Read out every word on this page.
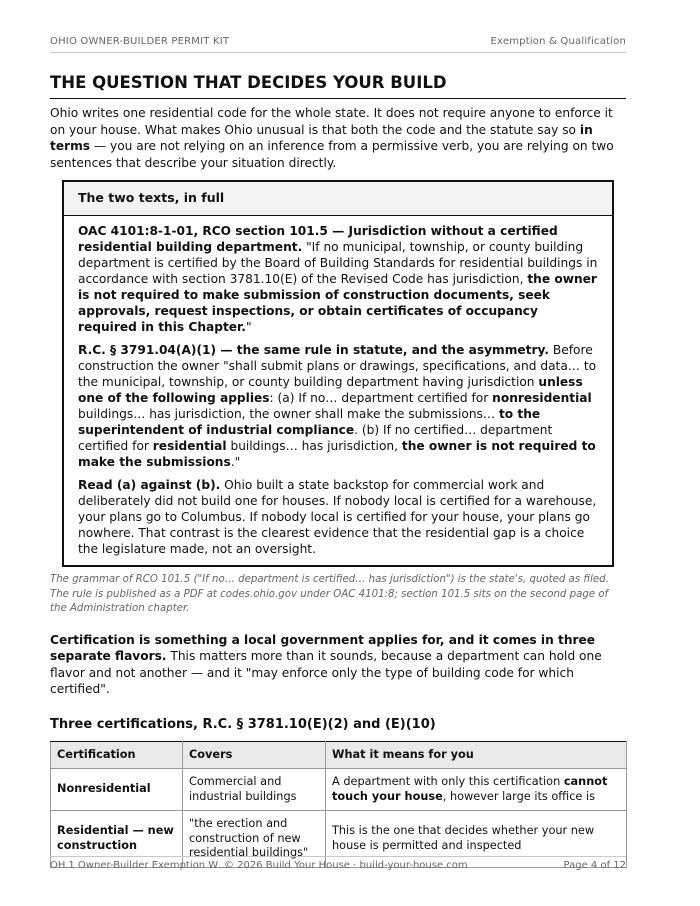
OHIO OWNER-BUILDER PERMIT KIT	Exemption & Qualification
THE QUESTION THAT DECIDES YOUR BUILD

Ohio writes one residential code for the whole state. It does not require anyone to enforce it on your house. What makes Ohio unusual is that both the code and the statute say so in terms — you are not relying on an inference from a permissive verb, you are relying on two sentences that describe your situation directly.

The two texts, in full

OAC 4101:8-1-01, RCO section 101.5 — Jurisdiction without a certified residential building department. "If no municipal, township, or county building department is certified by the Board of Building Standards for residential buildings in accordance with section 3781.10(E) of the Revised Code has jurisdiction, the owner is not required to make submission of construction documents, seek approvals, request inspections, or obtain certificates of occupancy required in this Chapter."

R.C. § 3791.04(A)(1) — the same rule in statute, and the asymmetry. Before construction the owner "shall submit plans or drawings, specifications, and data… to the municipal, township, or county building department having jurisdiction unless one of the following applies: (a) If no… department certified for nonresidential buildings… has jurisdiction, the owner shall make the submissions… to the superintendent of industrial compliance. (b) If no certified… department certified for residential buildings… has jurisdiction, the owner is not required to make the submissions."

Read (a) against (b). Ohio built a state backstop for commercial work and deliberately did not build one for houses. If nobody local is certified for a warehouse, your plans go to Columbus. If nobody local is certified for your house, your plans go nowhere. That contrast is the clearest evidence that the residential gap is a choice the legislature made, not an oversight.

The grammar of RCO 101.5 ("If no… department is certified… has jurisdiction") is the state's, quoted as filed. The rule is published as a PDF at codes.ohio.gov under OAC 4101:8; section 101.5 sits on the second page of the Administration chapter.

Certification is something a local government applies for, and it comes in three separate flavors. This matters more than it sounds, because a department can hold one flavor and not another — and it "may enforce only the type of building code for which certified".

Three certifications, R.C. § 3781.10(E)(2) and (E)(10)
Certification	Covers	What it means for you
Nonresidential	Commercial and industrial buildings	A department with only this certification cannot touch your house, however large its office is
Residential — new construction	"the erection and construction of new residential buildings"	This is the one that decides whether your new house is permitted and inspected
OH.1 Owner-Builder Exemption W…
© 2026 Build Your House · build-your-house.com	Page 4 of 12
